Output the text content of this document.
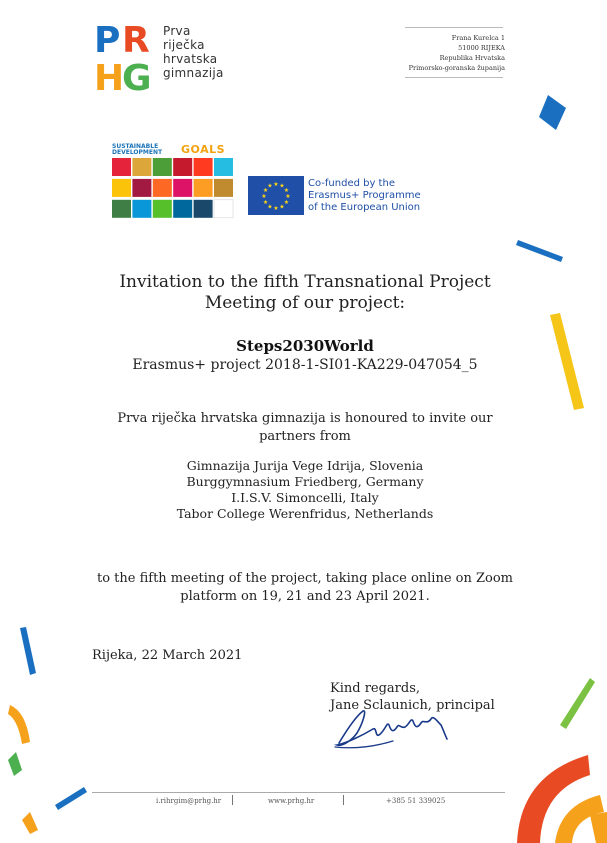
P R
H
G
Prva
riječka
hrvatska
gimnazija
Frana Kurelca 1
51000 RIJEKA
Republika Hrvatska
Primorsko-goranska županija
SUSTAINABLE
DEVELOPMENT GOALS
★ ★
★
★
★
★
★
★
★
★
★
★	Co-funded by the
Erasmus+ Programme
of the European Union
Invitation to the fifth Transnational Project
Meeting of our project:
Steps2030World
Erasmus+ project 2018-1-SI01-KA229-047054_5
Prva riječka hrvatska gimnazija is honoured to invite our
partners from
Gimnazija Jurija Vege Idrija, Slovenia
Burggymnasium Friedberg, Germany
I.I.S.V. Simoncelli, Italy
Tabor College Werenfridus, Netherlands
to the fifth meeting of the project, taking place online on Zoom
platform on 19, 21 and 23 April 2021.
Rijeka, 22 March 2021
Kind regards,
Jane Sclaunich, principal
i.rihrgim@prhg.hr	www.prhg.hr	+385 51 339025
